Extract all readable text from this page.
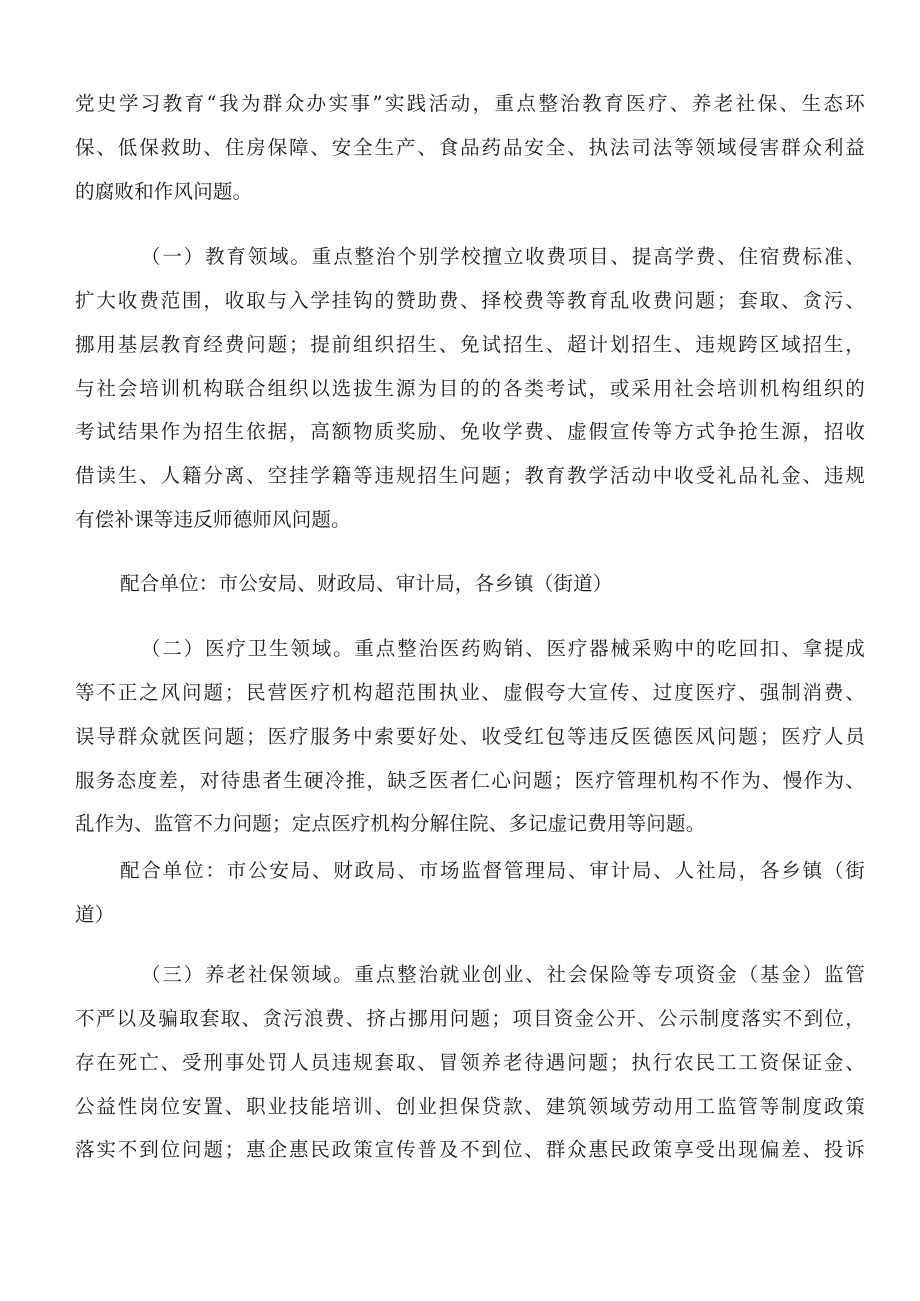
党史学习教育“我为群众办实事”实践活动，重点整治教育医疗、养老社保、生态环
保、低保救助、住房保障、安全生产、食品药品安全、执法司法等领域侵害群众利益
的腐败和作风问题。
（一）教育领域。重点整治个别学校擅立收费项目、提高学费、住宿费标准、
扩大收费范围，收取与入学挂钩的赞助费、择校费等教育乱收费问题；套取、贪污、
挪用基层教育经费问题；提前组织招生、免试招生、超计划招生、违规跨区域招生，
与社会培训机构联合组织以选拔生源为目的的各类考试，或采用社会培训机构组织的
考试结果作为招生依据，高额物质奖励、免收学费、虚假宣传等方式争抢生源，招收
借读生、人籍分离、空挂学籍等违规招生问题；教育教学活动中收受礼品礼金、违规
有偿补课等违反师德师风问题。
配合单位：市公安局、财政局、审计局，各乡镇（街道）
（二）医疗卫生领域。重点整治医药购销、医疗器械采购中的吃回扣、拿提成
等不正之风问题；民营医疗机构超范围执业、虚假夸大宣传、过度医疗、强制消费、
误导群众就医问题；医疗服务中索要好处、收受红包等违反医德医风问题；医疗人员
服务态度差，对待患者生硬冷推，缺乏医者仁心问题；医疗管理机构不作为、慢作为、
乱作为、监管不力问题；定点医疗机构分解住院、多记虚记费用等问题。
配合单位：市公安局、财政局、市场监督管理局、审计局、人社局，各乡镇（街
道）
（三）养老社保领域。重点整治就业创业、社会保险等专项资金（基金）监管
不严以及骗取套取、贪污浪费、挤占挪用问题；项目资金公开、公示制度落实不到位，
存在死亡、受刑事处罚人员违规套取、冒领养老待遇问题；执行农民工工资保证金、
公益性岗位安置、职业技能培训、创业担保贷款、建筑领域劳动用工监管等制度政策
落实不到位问题；惠企惠民政策宣传普及不到位、群众惠民政策享受出现偏差、投诉
